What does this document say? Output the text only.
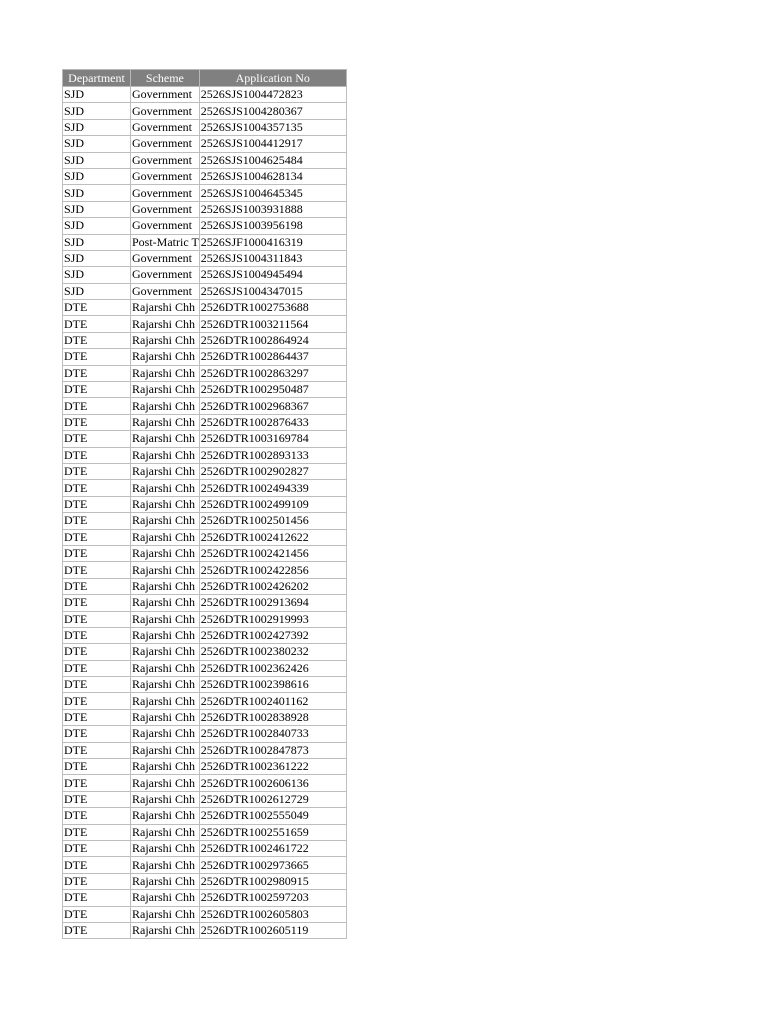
Department	Scheme	Application No
SJD	Government	2526SJS1004472823
SJD	Government	2526SJS1004280367
SJD	Government	2526SJS1004357135
SJD	Government	2526SJS1004412917
SJD	Government	2526SJS1004625484
SJD	Government	2526SJS1004628134
SJD	Government	2526SJS1004645345
SJD	Government	2526SJS1003931888
SJD	Government	2526SJS1003956198
SJD	Post-Matric T	2526SJF1000416319
SJD	Government	2526SJS1004311843
SJD	Government	2526SJS1004945494
SJD	Government	2526SJS1004347015
DTE	Rajarshi Chh	2526DTR1002753688
DTE	Rajarshi Chh	2526DTR1003211564
DTE	Rajarshi Chh	2526DTR1002864924
DTE	Rajarshi Chh	2526DTR1002864437
DTE	Rajarshi Chh	2526DTR1002863297
DTE	Rajarshi Chh	2526DTR1002950487
DTE	Rajarshi Chh	2526DTR1002968367
DTE	Rajarshi Chh	2526DTR1002876433
DTE	Rajarshi Chh	2526DTR1003169784
DTE	Rajarshi Chh	2526DTR1002893133
DTE	Rajarshi Chh	2526DTR1002902827
DTE	Rajarshi Chh	2526DTR1002494339
DTE	Rajarshi Chh	2526DTR1002499109
DTE	Rajarshi Chh	2526DTR1002501456
DTE	Rajarshi Chh	2526DTR1002412622
DTE	Rajarshi Chh	2526DTR1002421456
DTE	Rajarshi Chh	2526DTR1002422856
DTE	Rajarshi Chh	2526DTR1002426202
DTE	Rajarshi Chh	2526DTR1002913694
DTE	Rajarshi Chh	2526DTR1002919993
DTE	Rajarshi Chh	2526DTR1002427392
DTE	Rajarshi Chh	2526DTR1002380232
DTE	Rajarshi Chh	2526DTR1002362426
DTE	Rajarshi Chh	2526DTR1002398616
DTE	Rajarshi Chh	2526DTR1002401162
DTE	Rajarshi Chh	2526DTR1002838928
DTE	Rajarshi Chh	2526DTR1002840733
DTE	Rajarshi Chh	2526DTR1002847873
DTE	Rajarshi Chh	2526DTR1002361222
DTE	Rajarshi Chh	2526DTR1002606136
DTE	Rajarshi Chh	2526DTR1002612729
DTE	Rajarshi Chh	2526DTR1002555049
DTE	Rajarshi Chh	2526DTR1002551659
DTE	Rajarshi Chh	2526DTR1002461722
DTE	Rajarshi Chh	2526DTR1002973665
DTE	Rajarshi Chh	2526DTR1002980915
DTE	Rajarshi Chh	2526DTR1002597203
DTE	Rajarshi Chh	2526DTR1002605803
DTE	Rajarshi Chh	2526DTR1002605119
